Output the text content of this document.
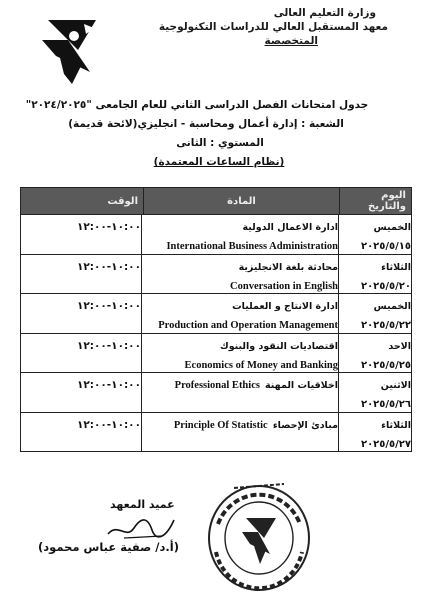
وزارة التعليم العالى
معهد المستقبل العالي للدراسات التكنولوجية
المتخصصة
جدول امتحانات الفصل الدراسى الثاني للعام الجامعى "٢٠٢٤/٢٠٢٥"
الشعبة : إدارة أعمال ومحاسبة - انجليزي(لائحة قديمة)
المستوي : الثانى
(نظام الساعات المعتمدة)
اليوم والتاريخ
المادة
الوقت
الخميس ٢٠٢٥/٥/١٥
ادارة الاعمال الدولية International Business Administration
١٠:٠٠-١٢:٠٠
الثلاثاء ٢٠٢٥/٥/٢٠
محادثة بلغة الانجليزية Conversation in English
١٠:٠٠-١٢:٠٠
الخميس ٢٠٢٥/٥/٢٢
ادارة الانتاج و العمليات Production and Operation Management
١٠:٠٠-١٢:٠٠
الاحد ٢٠٢٥/٥/٢٥
اقتصاديات النقود والبنوك Economics of Money and Banking
١٠:٠٠-١٢:٠٠
الاثنين ٢٠٢٥/٥/٢٦
اخلاقيات المهنة Professional Ethics
١٠:٠٠-١٢:٠٠
الثلاثاء ٢٠٢٥/٥/٢٧
مبادئ الإحصاء Principle Of Statistic
١٠:٠٠-١٢:٠٠
عميد المعهد
(أ.د/ صفية عباس محمود)
